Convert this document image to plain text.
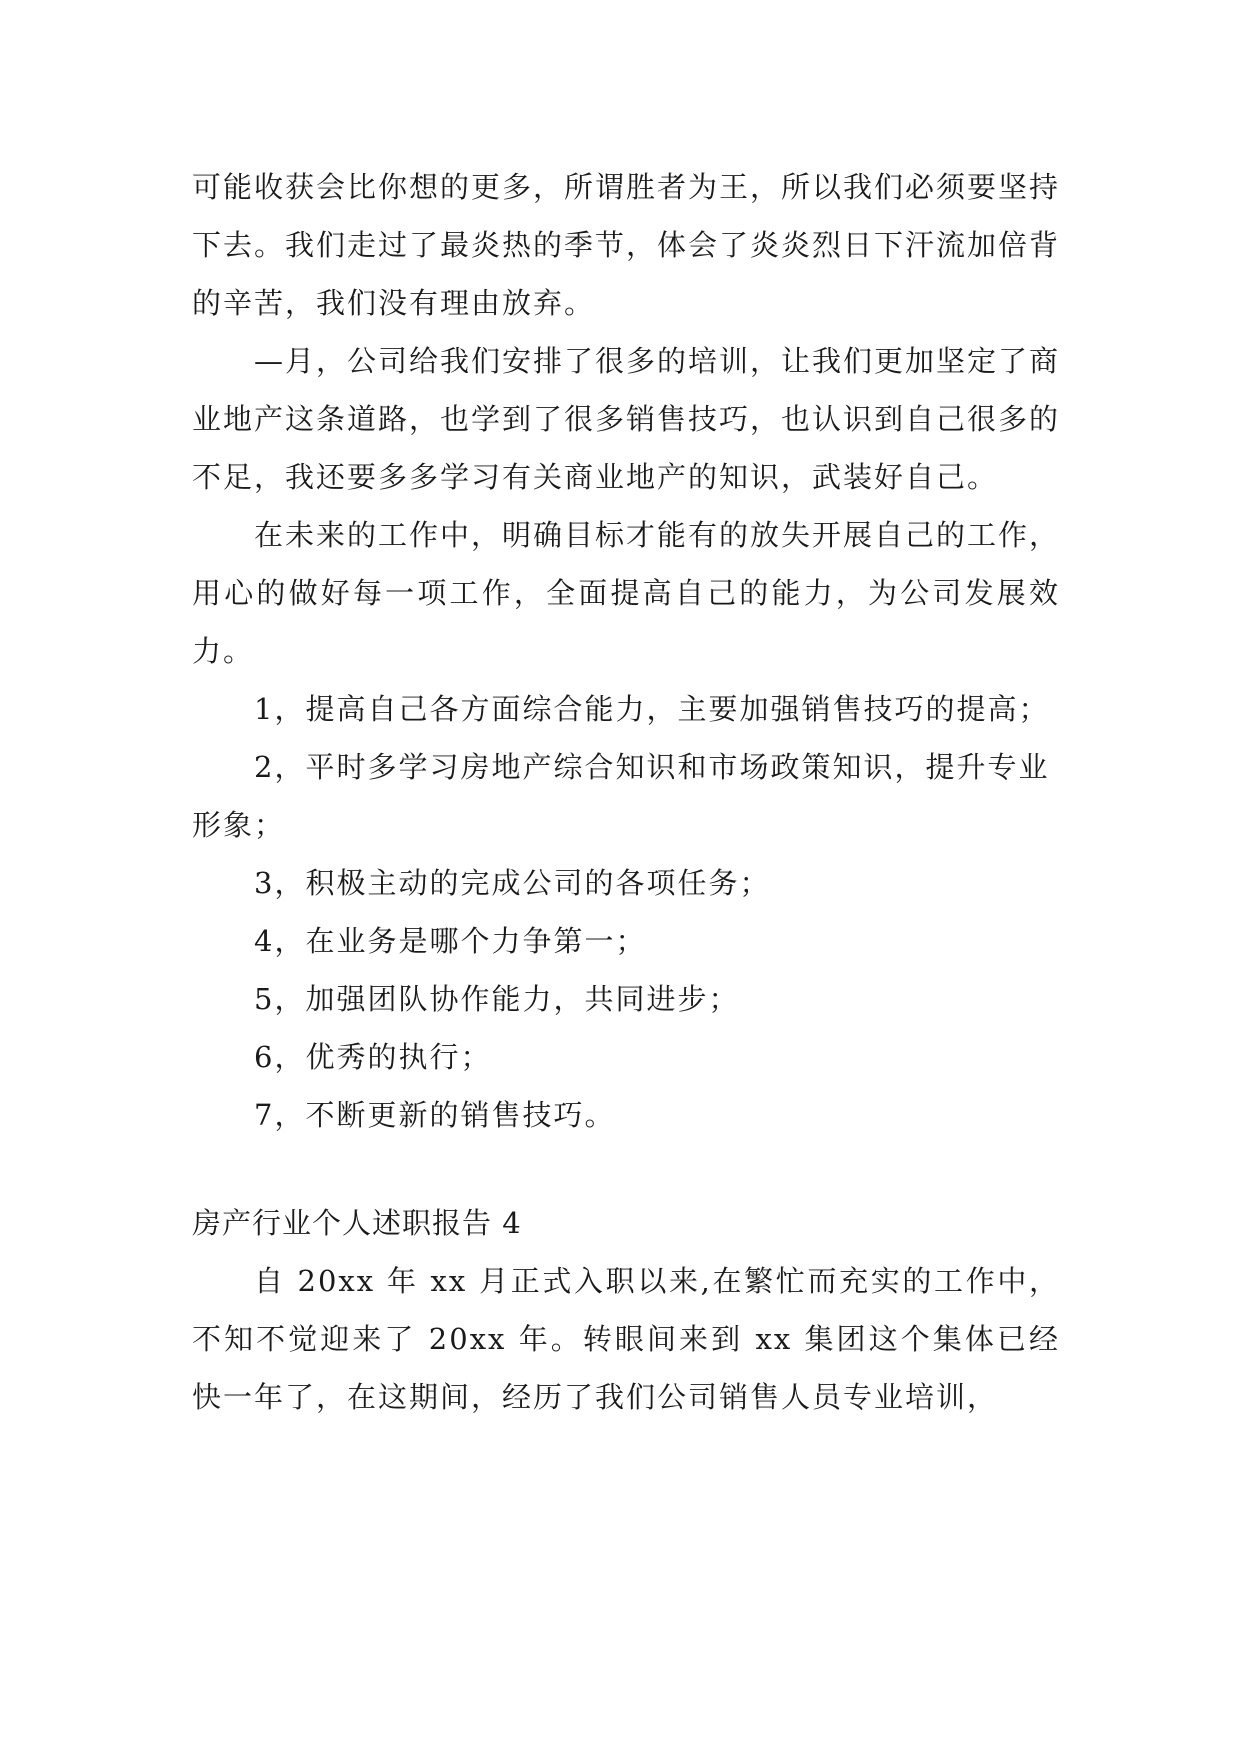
可能收获会比你想的更多，所谓胜者为王，所以我们必须要坚持下去。我们走过了最炎热的季节，体会了炎炎烈日下汗流加倍背的辛苦，我们没有理由放弃。

—月，公司给我们安排了很多的培训，让我们更加坚定了商业地产这条道路，也学到了很多销售技巧，也认识到自己很多的不足，我还要多多学习有关商业地产的知识，武装好自己。

在未来的工作中，明确目标才能有的放失开展自己的工作，用心的做好每一项工作，全面提高自己的能力，为公司发展效力。

1，提高自己各方面综合能力，主要加强销售技巧的提高；

2，平时多学习房地产综合知识和市场政策知识，提升专业形象；

3，积极主动的完成公司的各项任务；

4，在业务是哪个力争第一；

5，加强团队协作能力，共同进步；

6，优秀的执行；

7，不断更新的销售技巧。

房产行业个人述职报告 4

自 20xx 年 xx 月正式入职以来,在繁忙而充实的工作中，不知不觉迎来了 20xx 年。转眼间来到 xx 集团这个集体已经快一年了，在这期间，经历了我们公司销售人员专业培训，
